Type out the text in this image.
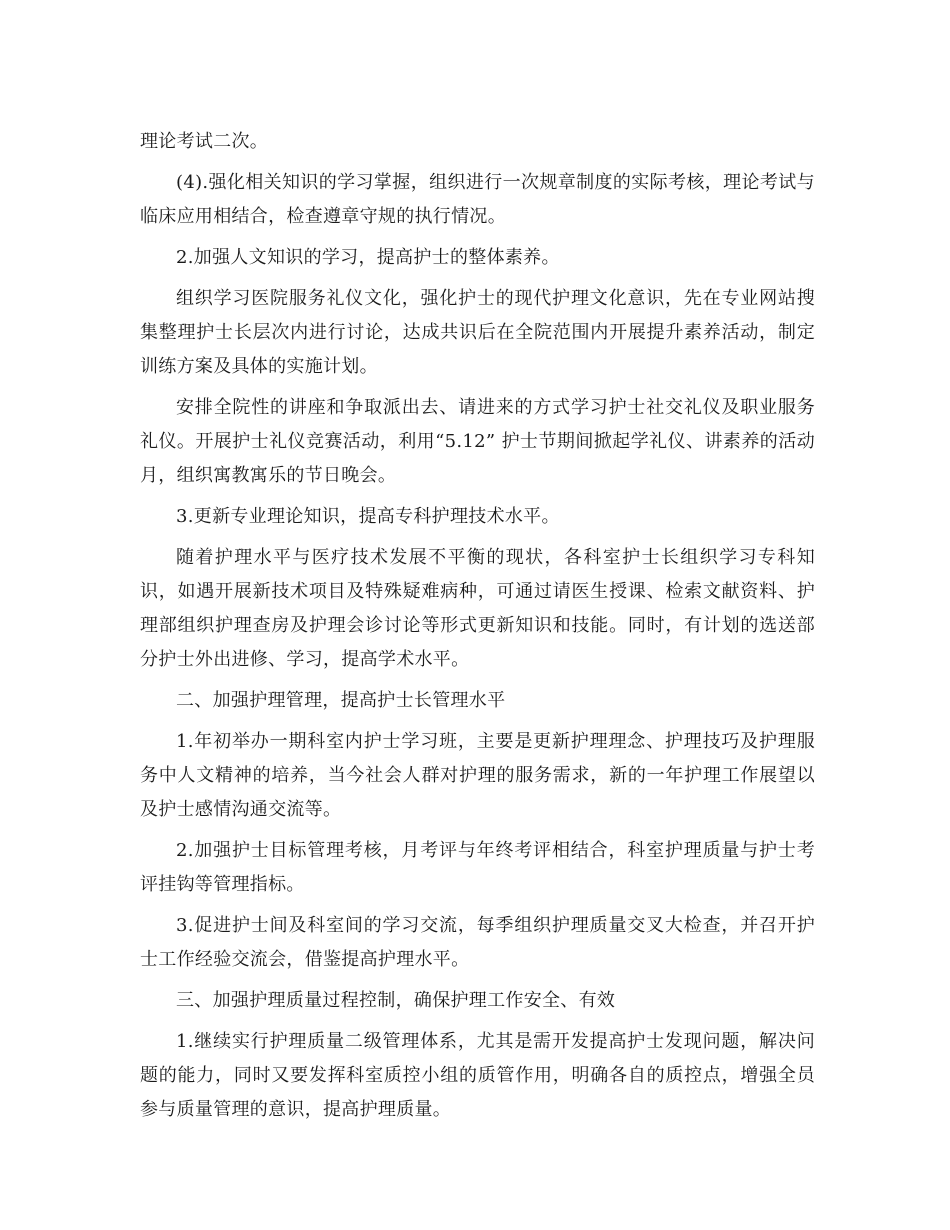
理论考试二次。

(4).强化相关知识的学习掌握，组织进行一次规章制度的实际考核，理论考试与临床应用相结合，检查遵章守规的执行情况。

2.加强人文知识的学习，提高护士的整体素养。

组织学习医院服务礼仪文化，强化护士的现代护理文化意识，先在专业网站搜集整理护士长层次内进行讨论，达成共识后在全院范围内开展提升素养活动，制定训练方案及具体的实施计划。

安排全院性的讲座和争取派出去、请进来的方式学习护士社交礼仪及职业服务礼仪。开展护士礼仪竞赛活动，利用“5.12” 护士节期间掀起学礼仪、讲素养的活动月，组织寓教寓乐的节日晚会。

3.更新专业理论知识，提高专科护理技术水平。

随着护理水平与医疗技术发展不平衡的现状，各科室护士长组织学习专科知识，如遇开展新技术项目及特殊疑难病种，可通过请医生授课、检索文献资料、护理部组织护理查房及护理会诊讨论等形式更新知识和技能。同时，有计划的选送部分护士外出进修、学习，提高学术水平。

二、加强护理管理，提高护士长管理水平

1.年初举办一期科室内护士学习班，主要是更新护理理念、护理技巧及护理服务中人文精神的培养，当今社会人群对护理的服务需求，新的一年护理工作展望以及护士感情沟通交流等。

2.加强护士目标管理考核，月考评与年终考评相结合，科室护理质量与护士考评挂钩等管理指标。

3.促进护士间及科室间的学习交流，每季组织护理质量交叉大检查，并召开护士工作经验交流会，借鉴提高护理水平。

三、加强护理质量过程控制，确保护理工作安全、有效

1.继续实行护理质量二级管理体系，尤其是需开发提高护士发现问题，解决问题的能力，同时又要发挥科室质控小组的质管作用，明确各自的质控点，增强全员参与质量管理的意识，提高护理质量。
